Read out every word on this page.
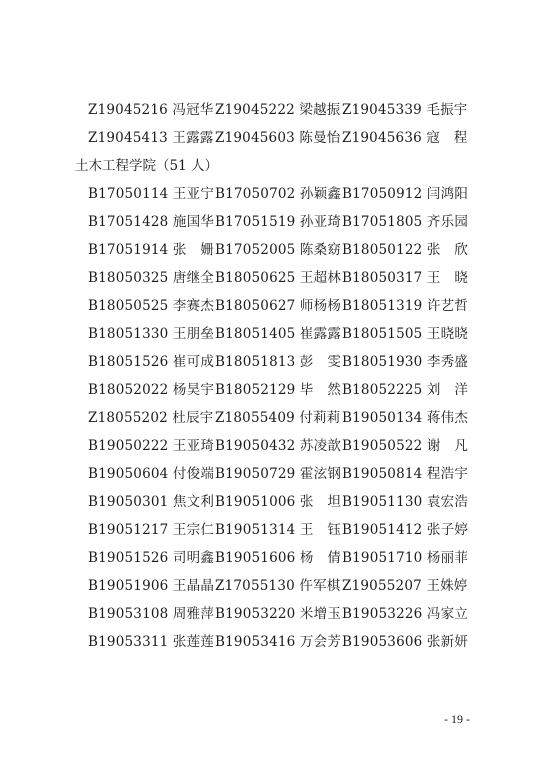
Z19045216 冯冠华 Z19045222 梁越振 Z19045339 毛振宇
Z19045413 王露露 Z19045603 陈曼怡 Z19045636 寇　程
土木工程学院（51 人）
B17050114 王亚宁 B17050702 孙颖鑫 B17050912 闫鸿阳
B17051428 施国华 B17051519 孙亚琦 B17051805 齐乐园
B17051914 张　姗 B17052005 陈桑窈 B18050122 张　欣
B18050325 唐继全 B18050625 王超林 B18050317 王　晓
B18050525 李赛杰 B18050627 师杨杨 B18051319 许艺哲
B18051330 王朋垒 B18051405 崔露露 B18051505 王晓晓
B18051526 崔可成 B18051813 彭　雯 B18051930 李秀盛
B18052022 杨昊宇 B18052129 毕　然 B18052225 刘　洋
Z18055202 杜辰宇 Z18055409 付莉莉 B19050134 蒋伟杰
B19050222 王亚琦 B19050432 苏凌歆 B19050522 谢　凡
B19050604 付俊端 B19050729 霍泫钢 B19050814 程浩宇
B19050301 焦文利 B19051006 张　坦 B19051130 袁宏浩
B19051217 王宗仁 B19051314 王　钰 B19051412 张子婷
B19051526 司明鑫 B19051606 杨　倩 B19051710 杨丽菲
B19051906 王晶晶 Z17055130 仵军棋 Z19055207 王姝婷
B19053108 周雅萍 B19053220 米增玉 B19053226 冯家立
B19053311 张莲莲 B19053416 万会芳 B19053606 张新妍
- 19 -
